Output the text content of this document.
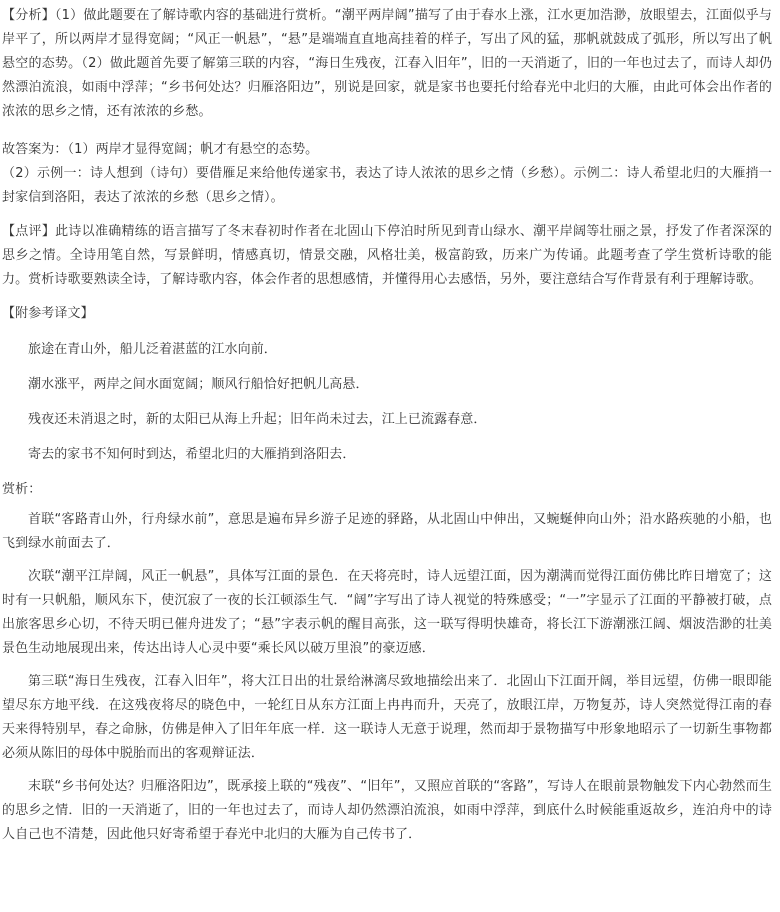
【分析】（1）做此题要在了解诗歌内容的基础进行赏析。“潮平两岸阔”描写了由于春水上涨，江水更加浩渺，放眼望去，江面似乎与岸平了，所以两岸才显得宽阔；“风正一帆悬”，“悬”是端端直直地高挂着的样子，写出了风的猛，那帆就鼓成了弧形，所以写出了帆悬空的态势。（2）做此题首先要了解第三联的内容，“海日生残夜，江春入旧年”，旧的一天消逝了，旧的一年也过去了，而诗人却仍然漂泊流浪，如雨中浮萍；“乡书何处达？归雁洛阳边”，别说是回家，就是家书也要托付给春光中北归的大雁，由此可体会出作者的浓浓的思乡之情，还有浓浓的乡愁。

故答案为：（1）两岸才显得宽阔；帆才有悬空的态势。

（2）示例一：诗人想到（诗句）要借雁足来给他传递家书，表达了诗人浓浓的思乡之情（乡愁）。示例二：诗人希望北归的大雁捎一封家信到洛阳，表达了浓浓的乡愁（思乡之情）。

【点评】此诗以准确精练的语言描写了冬末春初时作者在北固山下停泊时所见到青山绿水、潮平岸阔等壮丽之景，抒发了作者深深的思乡之情。全诗用笔自然，写景鲜明，情感真切，情景交融，风格壮美，极富韵致，历来广为传诵。此题考查了学生赏析诗歌的能力。赏析诗歌要熟读全诗，了解诗歌内容，体会作者的思想感情，并懂得用心去感悟，另外，要注意结合写作背景有利于理解诗歌。

【附参考译文】

旅途在青山外，船儿泛着湛蓝的江水向前．

潮水涨平，两岸之间水面宽阔；顺风行船恰好把帆儿高悬．

残夜还未消退之时，新的太阳已从海上升起；旧年尚未过去，江上已流露春意．

寄去的家书不知何时到达，希望北归的大雁捎到洛阳去．

赏析：

首联“客路青山外，行舟绿水前”，意思是遍布异乡游子足迹的驿路，从北固山中伸出，又蜿蜒伸向山外；沿水路疾驰的小船，也飞到绿水前面去了．

次联“潮平江岸阔，风正一帆悬”，具体写江面的景色．在天将亮时，诗人远望江面，因为潮满而觉得江面仿佛比昨日增宽了；这时有一只帆船，顺风东下，使沉寂了一夜的长江顿添生气．“阔”字写出了诗人视觉的特殊感受；“一”字显示了江面的平静被打破，点出旅客思乡心切，不待天明已催舟进发了；“悬”字表示帆的醒目高张，这一联写得明快雄奇，将长江下游潮涨江阔、烟波浩渺的壮美景色生动地展现出来，传达出诗人心灵中要“乘长风以破万里浪”的豪迈感．

第三联“海日生残夜，江春入旧年”，将大江日出的壮景给淋漓尽致地描绘出来了．北固山下江面开阔，举目远望，仿佛一眼即能望尽东方地平线．在这残夜将尽的晓色中，一轮红日从东方江面上冉冉而升，天亮了，放眼江岸，万物复苏，诗人突然觉得江南的春天来得特别早，春之命脉，仿佛是伸入了旧年年底一样．这一联诗人无意于说理，然而却于景物描写中形象地昭示了一切新生事物都必须从陈旧的母体中脱胎而出的客观辩证法．

末联“乡书何处达？归雁洛阳边”，既承接上联的“残夜”、“旧年”，又照应首联的“客路”，写诗人在眼前景物触发下内心勃然而生的思乡之情．旧的一天消逝了，旧的一年也过去了，而诗人却仍然漂泊流浪，如雨中浮萍，到底什么时候能重返故乡，连泊舟中的诗人自己也不清楚，因此他只好寄希望于春光中北归的大雁为自己传书了．
